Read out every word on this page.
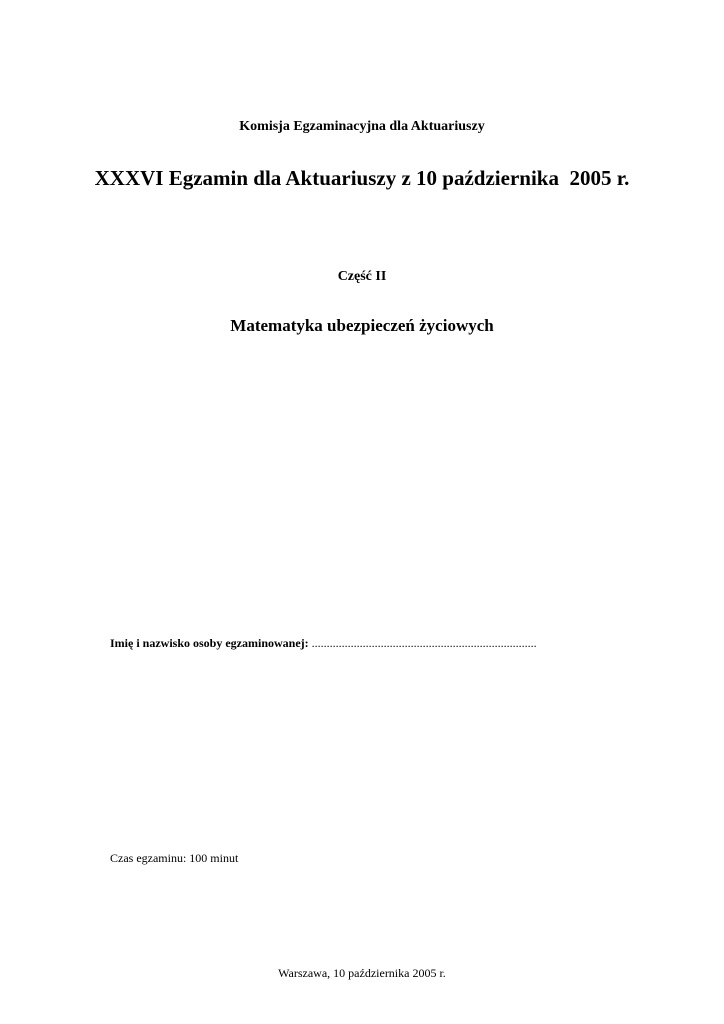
Komisja Egzaminacyjna dla Aktuariuszy
XXXVI Egzamin dla Aktuariuszy z 10 października  2005 r.
Część II
Matematyka ubezpieczeń życiowych
Imię i nazwisko osoby egzaminowanej: ...........................................................................
Czas egzaminu: 100 minut
Warszawa, 10 października 2005 r.
